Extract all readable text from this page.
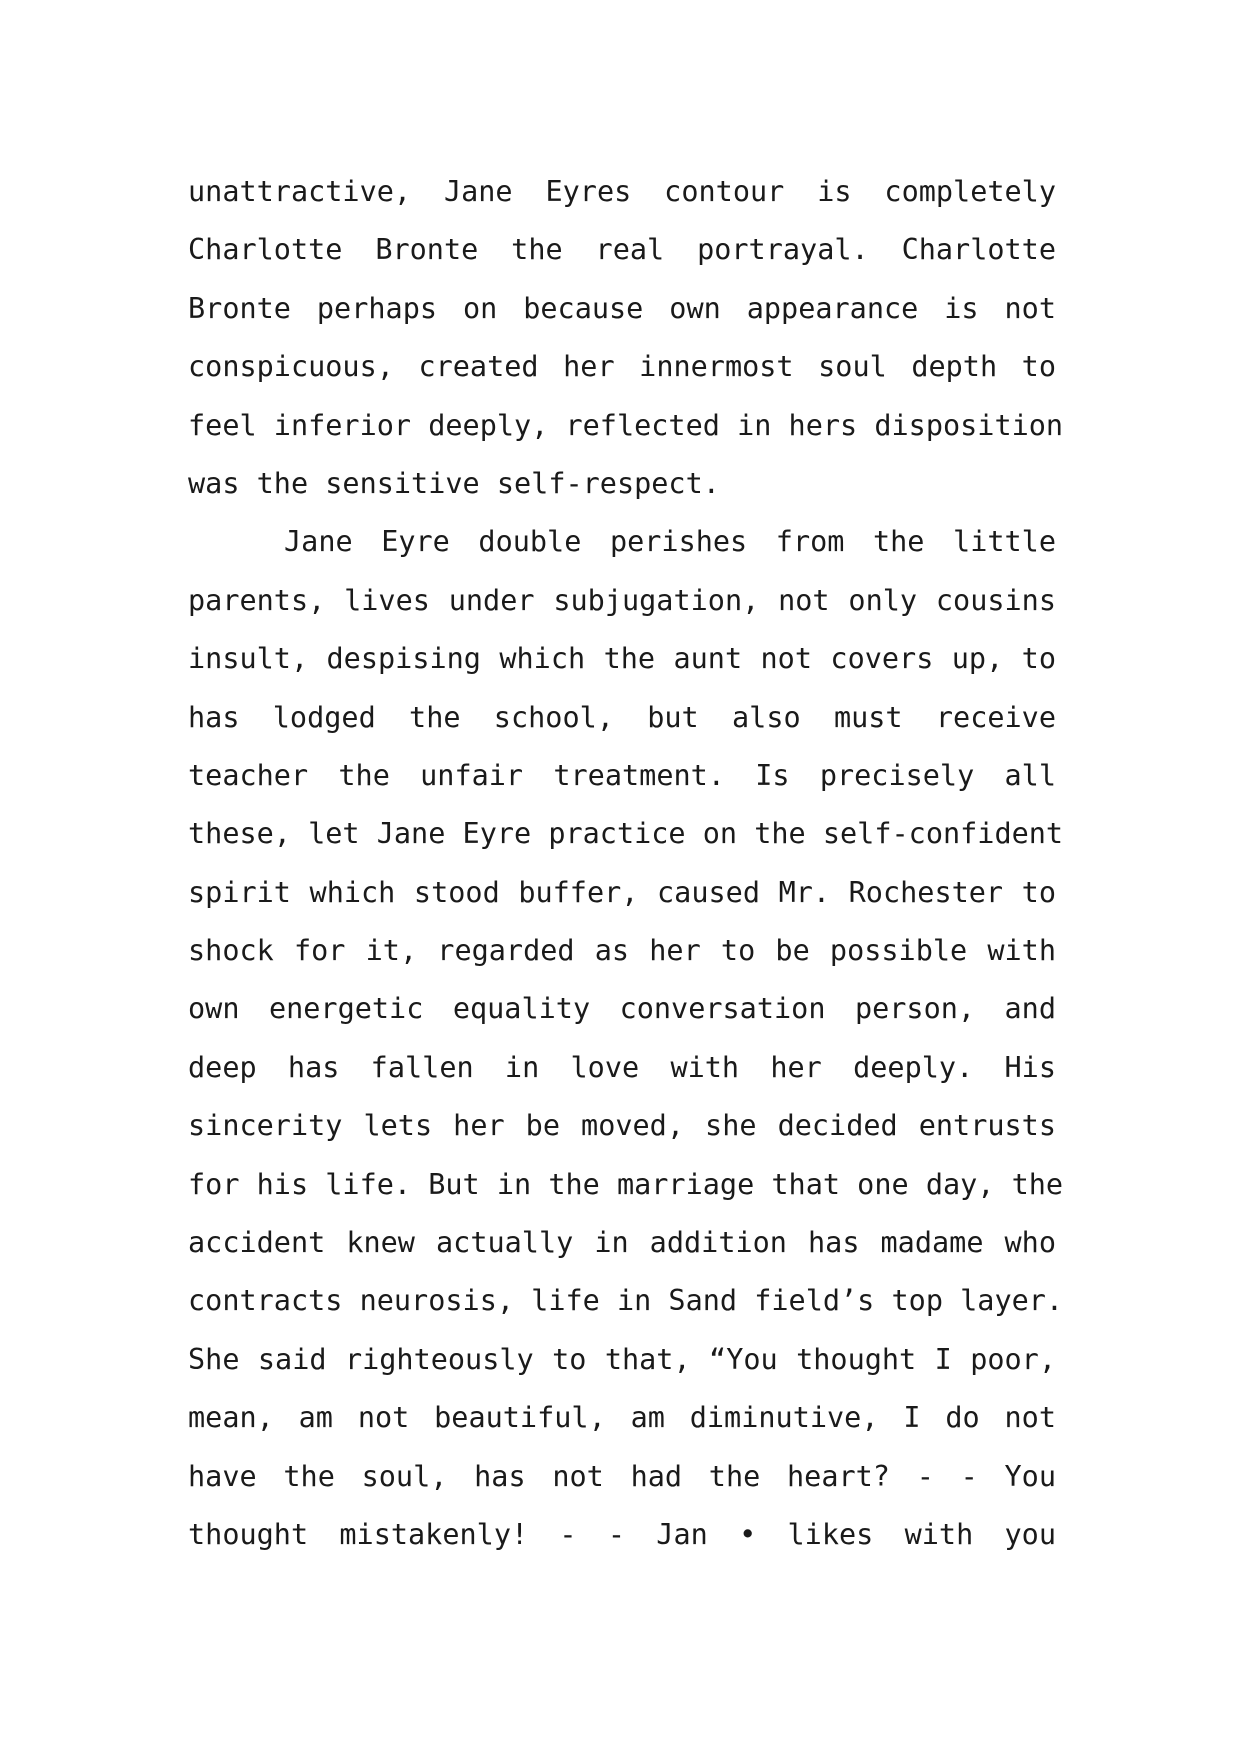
unattractive, Jane Eyres contour is completely
Charlotte Bronte the real portrayal. Charlotte
Bronte perhaps on because own appearance is not
conspicuous, created her innermost soul depth to
feel inferior deeply, reflected in hers disposition
was the sensitive self-respect.
Jane Eyre double perishes from the little
parents, lives under subjugation, not only cousins
insult, despising which the aunt not covers up, to
has lodged the school, but also must receive
teacher the unfair treatment. Is precisely all
these, let Jane Eyre practice on the self-confident
spirit which stood buffer, caused Mr. Rochester to
shock for it, regarded as her to be possible with
own energetic equality conversation person, and
deep has fallen in love with her deeply. His
sincerity lets her be moved, she decided entrusts
for his life. But in the marriage that one day, the
accident knew actually in addition has madame who
contracts neurosis, life in Sand field’s top layer.
She said righteously to that, “You thought I poor,
mean, am not beautiful, am diminutive, I do not
have the soul, has not had the heart? - - You
thought mistakenly! - - Jan • likes with you
